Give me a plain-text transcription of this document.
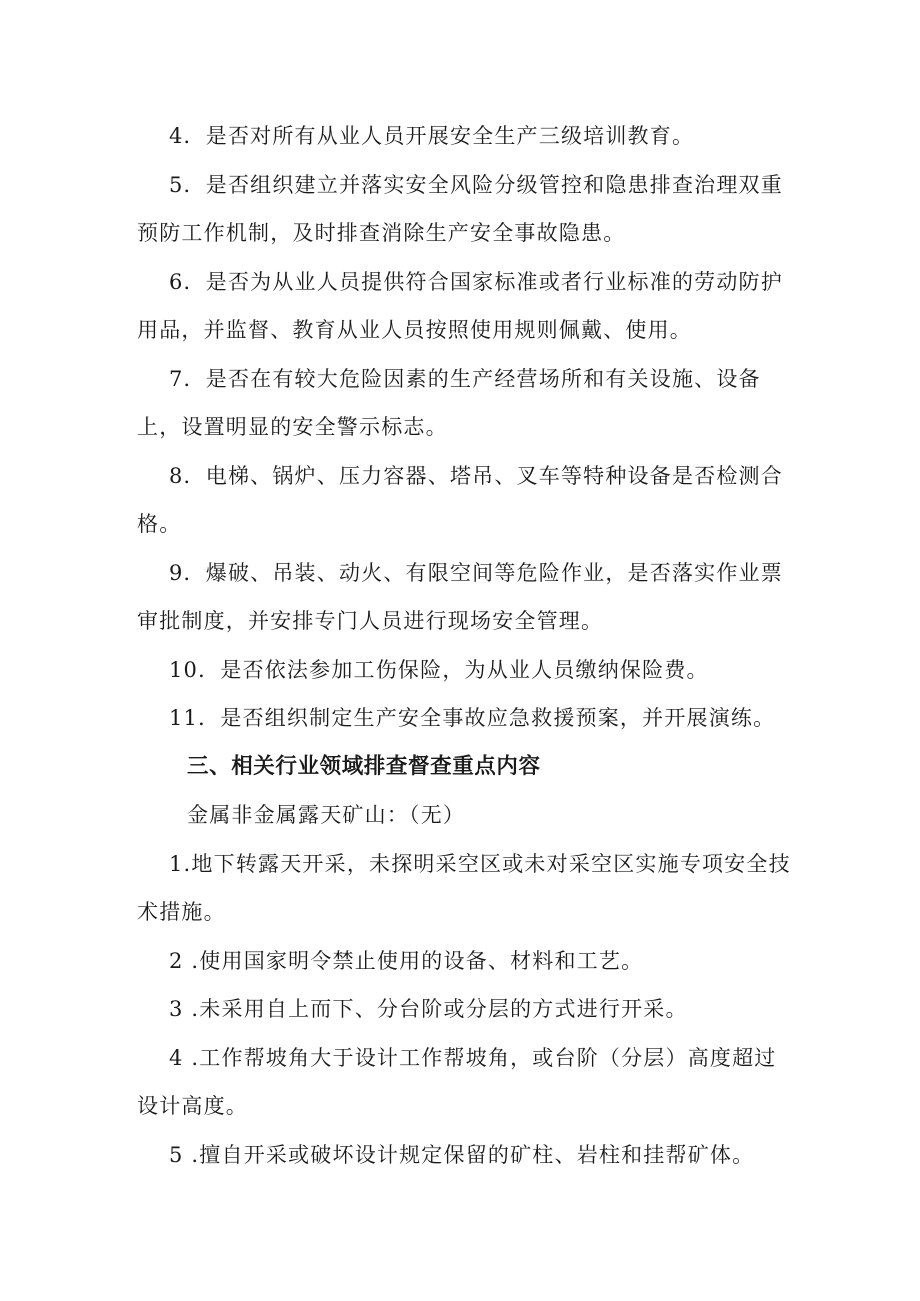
4．是否对所有从业人员开展安全生产三级培训教育。

5．是否组织建立并落实安全风险分级管控和隐患排查治理双重预防工作机制，及时排查消除生产安全事故隐患。

6．是否为从业人员提供符合国家标准或者行业标准的劳动防护用品，并监督、教育从业人员按照使用规则佩戴、使用。

7．是否在有较大危险因素的生产经营场所和有关设施、设备上，设置明显的安全警示标志。

8．电梯、锅炉、压力容器、塔吊、叉车等特种设备是否检测合格。

9．爆破、吊装、动火、有限空间等危险作业，是否落实作业票审批制度，并安排专门人员进行现场安全管理。

10．是否依法参加工伤保险，为从业人员缴纳保险费。

11．是否组织制定生产安全事故应急救援预案，并开展演练。

三、相关行业领域排查督查重点内容

金属非金属露天矿山：（无）

1.地下转露天开采，未探明采空区或未对采空区实施专项安全技术措施。

2 .使用国家明令禁止使用的设备、材料和工艺。

3 .未采用自上而下、分台阶或分层的方式进行开采。

4 .工作帮坡角大于设计工作帮坡角，或台阶（分层）高度超过设计高度。

5 .擅自开采或破坏设计规定保留的矿柱、岩柱和挂帮矿体。
